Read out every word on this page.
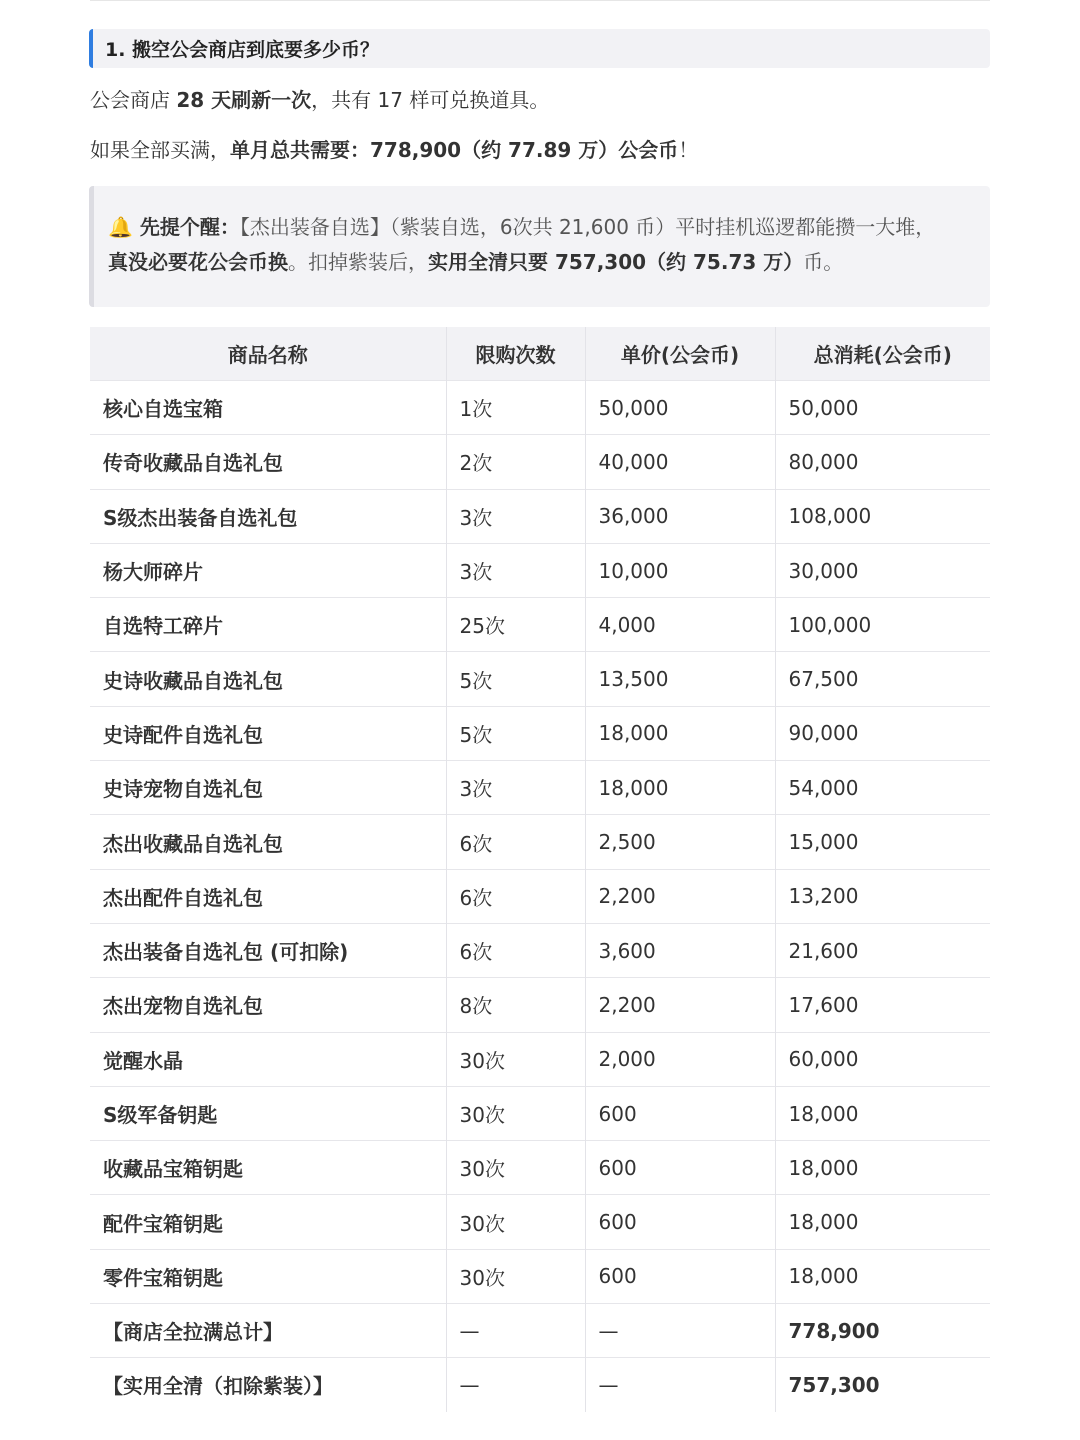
1. 搬空公会商店到底要多少币？
公会商店 28 天刷新一次，共有 17 样可兑换道具。
如果全部买满，单月总共需要：778,900（约 77.89 万）公会币！
🔔 先提个醒：【杰出装备自选】（紫装自选，6次共 21,600 币）平时挂机巡逻都能攒一大堆，
真没必要花公会币换。扣掉紫装后，实用全清只要 757,300（约 75.73 万）币。
商品名称	限购次数	单价(公会币)	总消耗(公会币)
核心自选宝箱	1次	50,000	50,000
传奇收藏品自选礼包	2次	40,000	80,000
S级杰出装备自选礼包	3次	36,000	108,000
杨大师碎片	3次	10,000	30,000
自选特工碎片	25次	4,000	100,000
史诗收藏品自选礼包	5次	13,500	67,500
史诗配件自选礼包	5次	18,000	90,000
史诗宠物自选礼包	3次	18,000	54,000
杰出收藏品自选礼包	6次	2,500	15,000
杰出配件自选礼包	6次	2,200	13,200
杰出装备自选礼包 (可扣除)	6次	3,600	21,600
杰出宠物自选礼包	8次	2,200	17,600
觉醒水晶	30次	2,000	60,000
S级军备钥匙	30次	600	18,000
收藏品宝箱钥匙	30次	600	18,000
配件宝箱钥匙	30次	600	18,000
零件宝箱钥匙	30次	600	18,000
【商店全拉满总计】	—	—	778,900
【实用全清（扣除紫装）】	—	—	757,300
